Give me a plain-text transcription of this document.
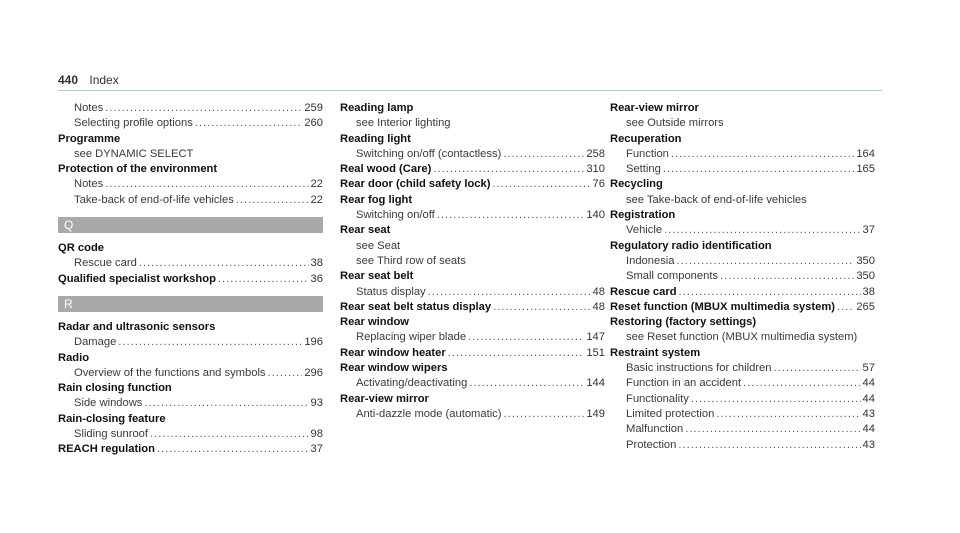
440 Index
Notes .....	259
Selecting profile options .....	260
Programme
see DYNAMIC SELECT
Protection of the environment
Notes .....	22
Take-back of end-of-life vehicles .....	22
Q
QR code
Rescue card .....	38
Qualified specialist workshop .....	36
R
Radar and ultrasonic sensors
Damage .....	196
Radio
Overview of the functions and symbols .....	296
Rain closing function
Side windows .....	93
Rain-closing feature
Sliding sunroof .....	98
REACH regulation .....	37
Reading lamp
see Interior lighting
Reading light
Switching on/off (contactless) .....	258
Real wood (Care) .....	310
Rear door (child safety lock) .....	76
Rear fog light
Switching on/off .....	140
Rear seat
see Seat
see Third row of seats
Rear seat belt
Status display .....	48
Rear seat belt status display .....	48
Rear window
Replacing wiper blade .....	147
Rear window heater .....	151
Rear window wipers
Activating/deactivating .....	144
Rear-view mirror
Anti-dazzle mode (automatic) .....	149
Rear-view mirror
see Outside mirrors
Recuperation
Function .....	164
Setting .....	165
Recycling
see Take-back of end-of-life vehicles
Registration
Vehicle .....	37
Regulatory radio identification
Indonesia .....	350
Small components .....	350
Rescue card .....	38
Reset function (MBUX multimedia system) ..... 265
Restoring (factory settings)
see Reset function (MBUX multimedia system)
Restraint system
Basic instructions for children .....	57
Function in an accident .....	44
Functionality .....	44
Limited protection .....	43
Malfunction .....	44
Protection .....	43
